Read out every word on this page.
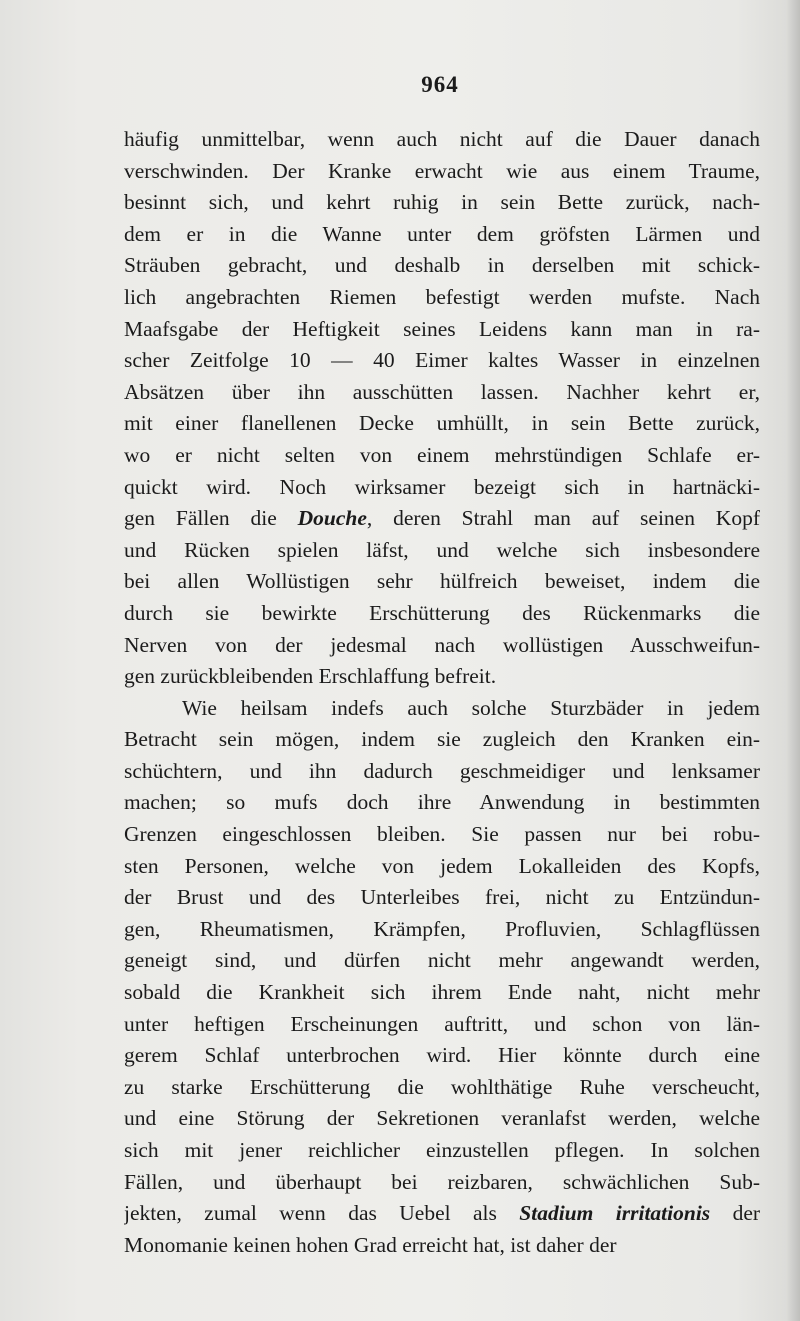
964
häufig unmittelbar, wenn auch nicht auf die Dauer danach
verschwinden. Der Kranke erwacht wie aus einem Traume,
besinnt sich, und kehrt ruhig in sein Bette zurück, nach-
dem er in die Wanne unter dem gröfsten Lärmen und
Sträuben gebracht, und deshalb in derselben mit schick-
lich angebrachten Riemen befestigt werden mufste. Nach
Maafsgabe der Heftigkeit seines Leidens kann man in ra-
scher Zeitfolge 10 — 40 Eimer kaltes Wasser in einzelnen
Absätzen über ihn ausschütten lassen. Nachher kehrt er,
mit einer flanellenen Decke umhüllt, in sein Bette zurück,
wo er nicht selten von einem mehrstündigen Schlafe er-
quickt wird. Noch wirksamer bezeigt sich in hartnäcki-
gen Fällen die Douche, deren Strahl man auf seinen Kopf
und Rücken spielen läfst, und welche sich insbesondere
bei allen Wollüstigen sehr hülfreich beweiset, indem die
durch sie bewirkte Erschütterung des Rückenmarks die
Nerven von der jedesmal nach wollüstigen Ausschweifun-
gen zurückbleibenden Erschlaffung befreit.
Wie heilsam indefs auch solche Sturzbäder in jedem
Betracht sein mögen, indem sie zugleich den Kranken ein-
schüchtern, und ihn dadurch geschmeidiger und lenksamer
machen; so mufs doch ihre Anwendung in bestimmten
Grenzen eingeschlossen bleiben. Sie passen nur bei robu-
sten Personen, welche von jedem Lokalleiden des Kopfs,
der Brust und des Unterleibes frei, nicht zu Entzündun-
gen, Rheumatismen, Krämpfen, Profluvien, Schlagflüssen
geneigt sind, und dürfen nicht mehr angewandt werden,
sobald die Krankheit sich ihrem Ende naht, nicht mehr
unter heftigen Erscheinungen auftritt, und schon von län-
gerem Schlaf unterbrochen wird. Hier könnte durch eine
zu starke Erschütterung die wohlthätige Ruhe verscheucht,
und eine Störung der Sekretionen veranlafst werden, welche
sich mit jener reichlicher einzustellen pflegen. In solchen
Fällen, und überhaupt bei reizbaren, schwächlichen Sub-
jekten, zumal wenn das Uebel als Stadium irritationis der
Monomanie keinen hohen Grad erreicht hat, ist daher der
